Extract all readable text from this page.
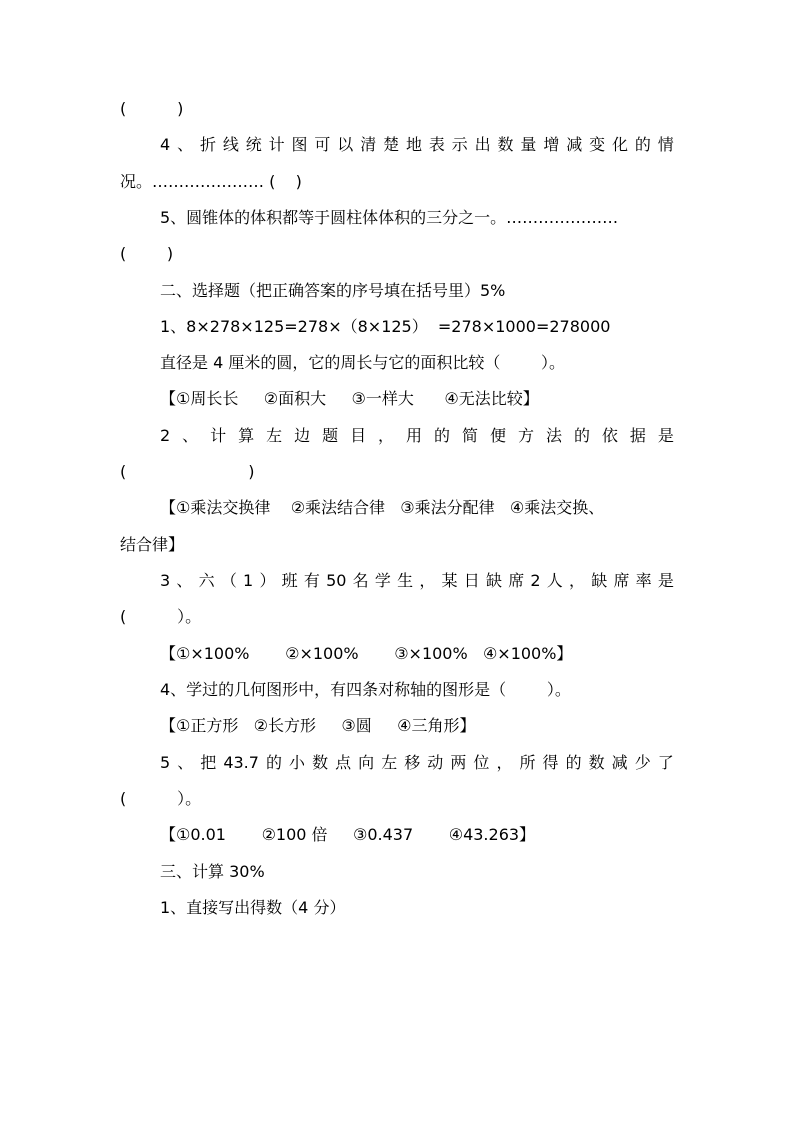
(          )
4 、 折 线 统 计 图 可 以 清 楚 地 表 示 出 数 量 增 减 变 化 的 情
况。………………… (    )
5、圆锥体的体积都等于圆柱体体积的三分之一。…………………
(        )
二、选择题（把正确答案的序号填在括号里）5%
1、8×278×125=278×（8×125）  =278×1000=278000
直径是 4 厘米的圆，它的周长与它的面积比较（        ）。
【①周长长     ②面积大     ③一样大      ④无法比较】
2 、 计 算 左 边 题 目 ， 用 的 简 便 方 法 的 依 据 是
(                        )
【①乘法交换律    ②乘法结合律   ③乘法分配律   ④乘法交换、
结合律】
3 、 六 （ 1 ） 班 有 50 名 学 生 ， 某 日 缺 席 2 人 ， 缺 席 率 是
(          ）。
【①×100%       ②×100%       ③×100%   ④×100%】
4、学过的几何图形中，有四条对称轴的图形是（        ）。
【①正方形   ②长方形     ③圆     ④三角形】
5 、 把 43.7 的 小 数 点 向 左 移 动 两 位 ， 所 得 的 数 减 少 了
(          ）。
【①0.01       ②100 倍     ③0.437       ④43.263】
三、计算 30%
1、直接写出得数（4 分）
